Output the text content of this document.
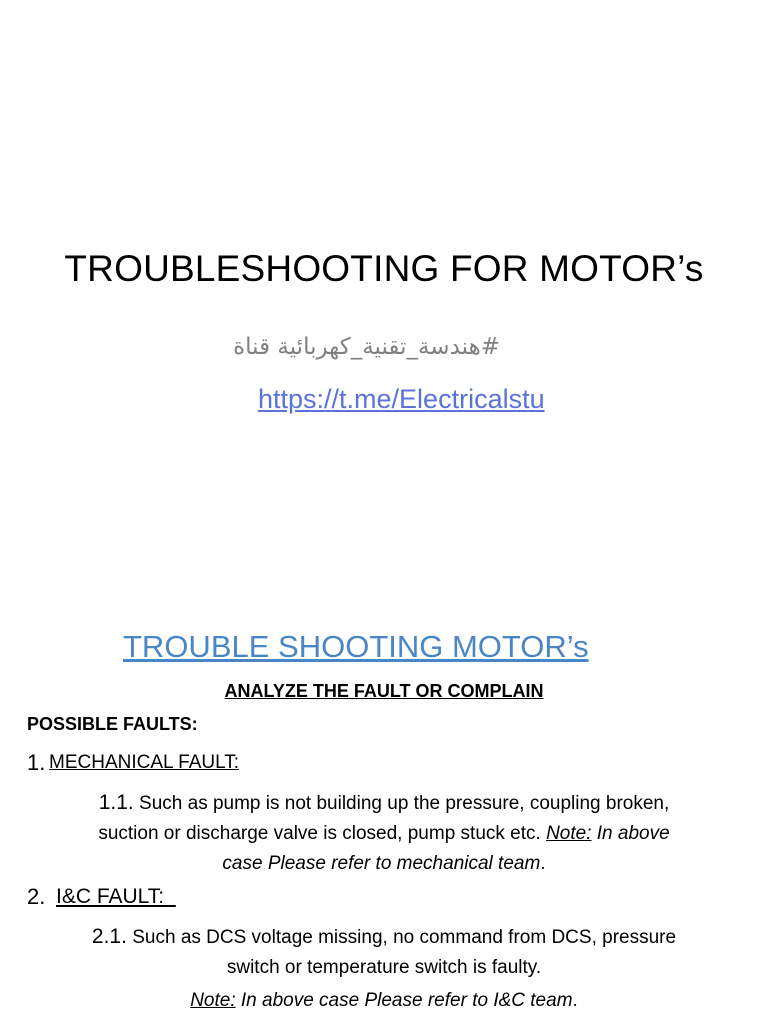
TROUBLESHOOTING FOR MOTOR’s
#هندسة_تقنية_كهربائية قناة
https://t.me/Electricalstu
TROUBLE SHOOTING MOTOR’s
ANALYZE THE FAULT OR COMPLAIN
POSSIBLE FAULTS:
1. MECHANICAL FAULT:
1.1. Such as pump is not building up the pressure, coupling broken,
suction or discharge valve is closed, pump stuck etc. Note: In above
case Please refer to mechanical team.
2. I&C FAULT:
2.1. Such as DCS voltage missing, no command from DCS, pressure
switch or temperature switch is faulty.
Note: In above case Please refer to I&C team.
